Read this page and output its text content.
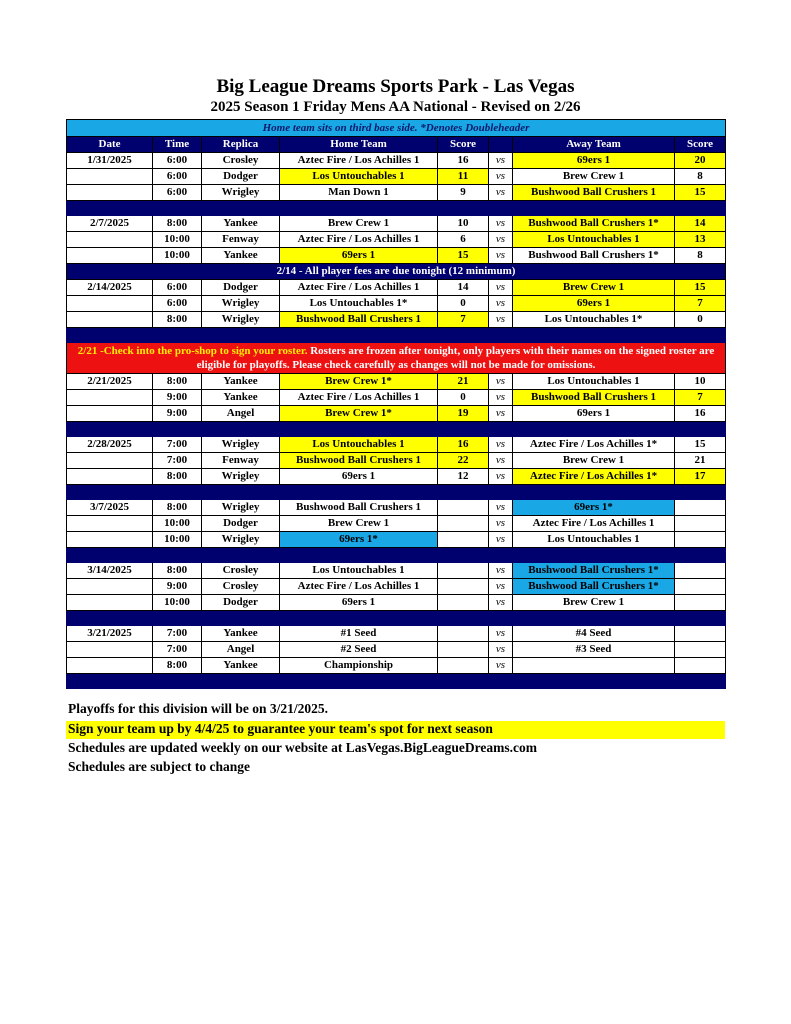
Big League Dreams Sports Park - Las Vegas
2025 Season 1 Friday Mens AA National - Revised on 2/26
Home team sits on third base side. *Denotes Doubleheader							
Date	Time	Replica	Home Team	Score		Away Team	Score
1/31/2025	6:00	Crosley	Aztec Fire / Los Achilles 1	16	vs	69ers 1	20
	6:00	Dodger	Los Untouchables 1	11	vs	Brew Crew 1	8
	6:00	Wrigley	Man Down 1	9	vs	Bushwood Ball Crushers 1	15

2/7/2025	8:00	Yankee	Brew Crew 1	10	vs	Bushwood Ball Crushers 1*	14
	10:00	Fenway	Aztec Fire / Los Achilles 1	6	vs	Los Untouchables 1	13
	10:00	Yankee	69ers 1	15	vs	Bushwood Ball Crushers 1*	8
2/14 - All player fees are due tonight (12 minimum)							
2/14/2025	6:00	Dodger	Aztec Fire / Los Achilles 1	14	vs	Brew Crew 1	15
	6:00	Wrigley	Los Untouchables 1*	0	vs	69ers 1	7
	8:00	Wrigley	Bushwood Ball Crushers 1	7	vs	Los Untouchables 1*	0

2/21 -Check into the pro-shop to sign your roster. Rosters are frozen after tonight, only players with their names on the signed roster are eligible for playoffs. Please check carefully as changes will not be made for omissions.							
2/21/2025	8:00	Yankee	Brew Crew 1*	21	vs	Los Untouchables 1	10
	9:00	Yankee	Aztec Fire / Los Achilles 1	0	vs	Bushwood Ball Crushers 1	7
	9:00	Angel	Brew Crew 1*	19	vs	69ers 1	16

2/28/2025	7:00	Wrigley	Los Untouchables 1	16	vs	Aztec Fire / Los Achilles 1*	15
	7:00	Fenway	Bushwood Ball Crushers 1	22	vs	Brew Crew 1	21
	8:00	Wrigley	69ers 1	12	vs	Aztec Fire / Los Achilles 1*	17

3/7/2025	8:00	Wrigley	Bushwood Ball Crushers 1		vs	69ers 1*	
	10:00	Dodger	Brew Crew 1		vs	Aztec Fire / Los Achilles 1	
	10:00	Wrigley	69ers 1*		vs	Los Untouchables 1	

3/14/2025	8:00	Crosley	Los Untouchables 1		vs	Bushwood Ball Crushers 1*	
	9:00	Crosley	Aztec Fire / Los Achilles 1		vs	Bushwood Ball Crushers 1*	
	10:00	Dodger	69ers 1		vs	Brew Crew 1	

3/21/2025	7:00	Yankee	#1 Seed		vs	#4 Seed	
	7:00	Angel	#2 Seed		vs	#3 Seed	
	8:00	Yankee	Championship		vs		

Playoffs for this division will be on 3/21/2025.
Sign your team up by 4/4/25 to guarantee your team's spot for next season
Schedules are updated weekly on our website at LasVegas.BigLeagueDreams.com
Schedules are subject to change
